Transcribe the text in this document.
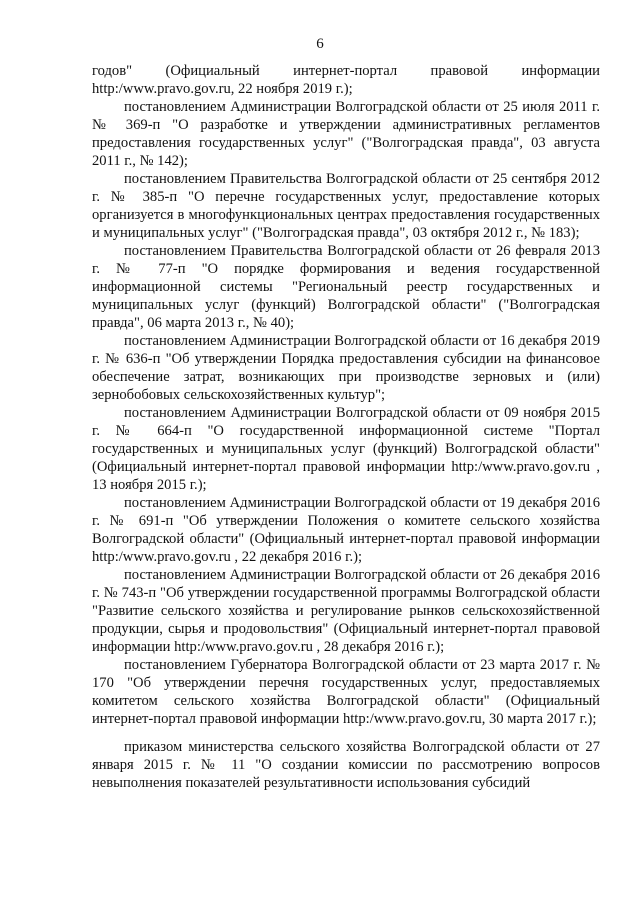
6

годов" (Официальный интернет-портал правовой информации http:/www.pravo.gov.ru, 22 ноября 2019 г.);

постановлением Администрации Волгоградской области от 25 июля 2011 г. № 369-п "О разработке и утверждении административных регламентов предоставления государственных услуг" ("Волгоградская правда", 03 августа 2011 г., № 142);

постановлением Правительства Волгоградской области от 25 сентября 2012 г. № 385-п "О перечне государственных услуг, предоставление которых организуется в многофункциональных центрах предоставления государственных и муниципальных услуг" ("Волгоградская правда", 03 октября 2012 г., № 183);

постановлением Правительства Волгоградской области от 26 февраля 2013 г. № 77-п "О порядке формирования и ведения государственной информационной системы "Региональный реестр государственных и муниципальных услуг (функций) Волгоградской области" ("Волгоградская правда", 06 марта 2013 г., № 40);

постановлением Администрации Волгоградской области от 16 декабря 2019 г. № 636-п "Об утверждении Порядка предоставления субсидии на финансовое обеспечение затрат, возникающих при производстве зерновых и (или) зернобобовых сельскохозяйственных культур";

постановлением Администрации Волгоградской области от 09 ноября 2015 г. № 664-п "О государственной информационной системе "Портал государственных и муниципальных услуг (функций) Волгоградской области" (Официальный интернет-портал правовой информации http:/www.pravo.gov.ru , 13 ноября 2015 г.);

постановлением Администрации Волгоградской области от 19 декабря 2016 г. № 691-п "Об утверждении Положения о комитете сельского хозяйства Волгоградской области" (Официальный интернет-портал правовой информации http:/www.pravo.gov.ru , 22 декабря 2016 г.);

постановлением Администрации Волгоградской области от 26 декабря 2016 г. № 743-п "Об утверждении государственной программы Волгоградской области "Развитие сельского хозяйства и регулирование рынков сельскохозяйственной продукции, сырья и продовольствия" (Официальный интернет-портал правовой информации http:/www.pravo.gov.ru , 28 декабря 2016 г.);

постановлением Губернатора Волгоградской области от 23 марта 2017 г. № 170 "Об утверждении перечня государственных услуг, предоставляемых комитетом сельского хозяйства Волгоградской области" (Официальный интернет-портал правовой информации http:/www.pravo.gov.ru, 30 марта 2017 г.);

приказом министерства сельского хозяйства Волгоградской области от 27 января 2015 г. № 11 "О создании комиссии по рассмотрению вопросов невыполнения показателей результативности использования субсидий
